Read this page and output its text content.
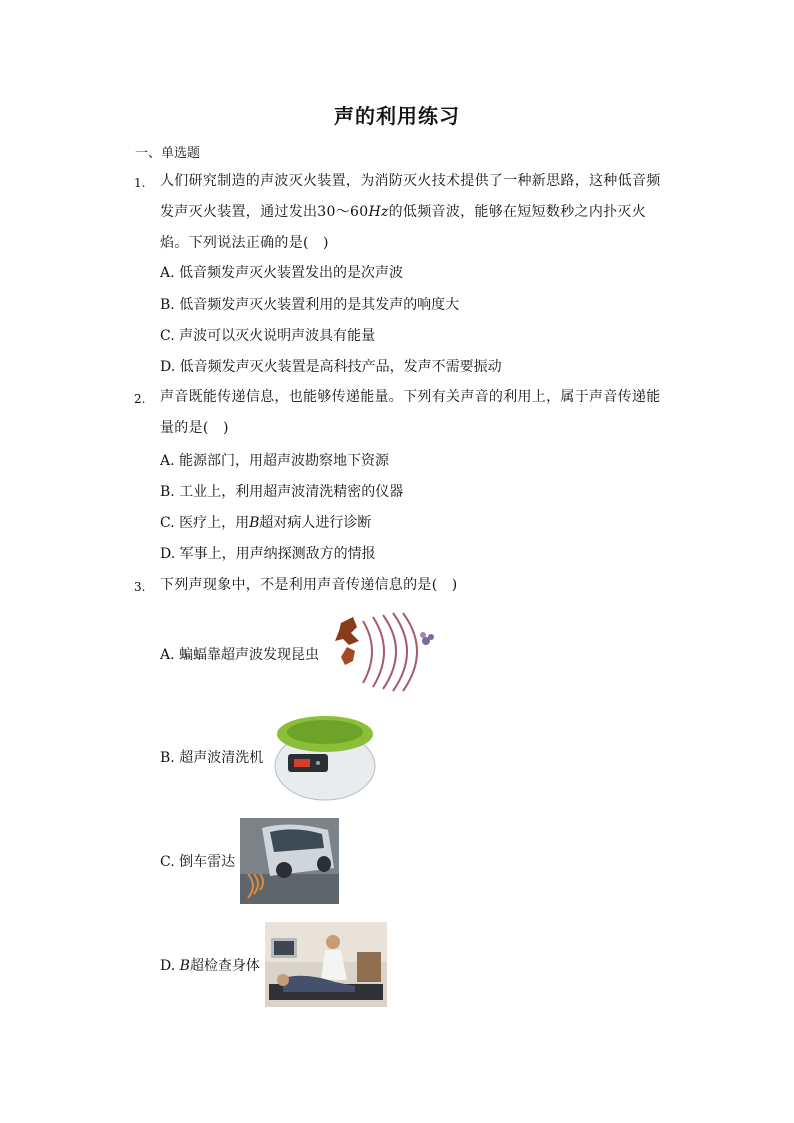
声的利用练习
一、单选题
1. 人们研究制造的声波灭火装置，为消防灭火技术提供了一种新思路，这种低音频发声灭火装置，通过发出30～60Hz的低频音波，能够在短短数秒之内扑灭火焰。下列说法正确的是(　)
A. 低音频发声灭火装置发出的是次声波
B. 低音频发声灭火装置利用的是其发声的响度大
C. 声波可以灭火说明声波具有能量
D. 低音频发声灭火装置是高科技产品，发声不需要振动
2. 声音既能传递信息，也能够传递能量。下列有关声音的利用上，属于声音传递能量的是(　)
A. 能源部门，用超声波勘察地下资源
B. 工业上，利用超声波清洗精密的仪器
C. 医疗上，用B超对病人进行诊断
D. 军事上，用声纳探测敌方的情报
3. 下列声现象中，不是利用声音传递信息的是(　)
A. 蝙蝠靠超声波发现昆虫
B. 超声波清洗机
C. 倒车雷达
D. B超检查身体
